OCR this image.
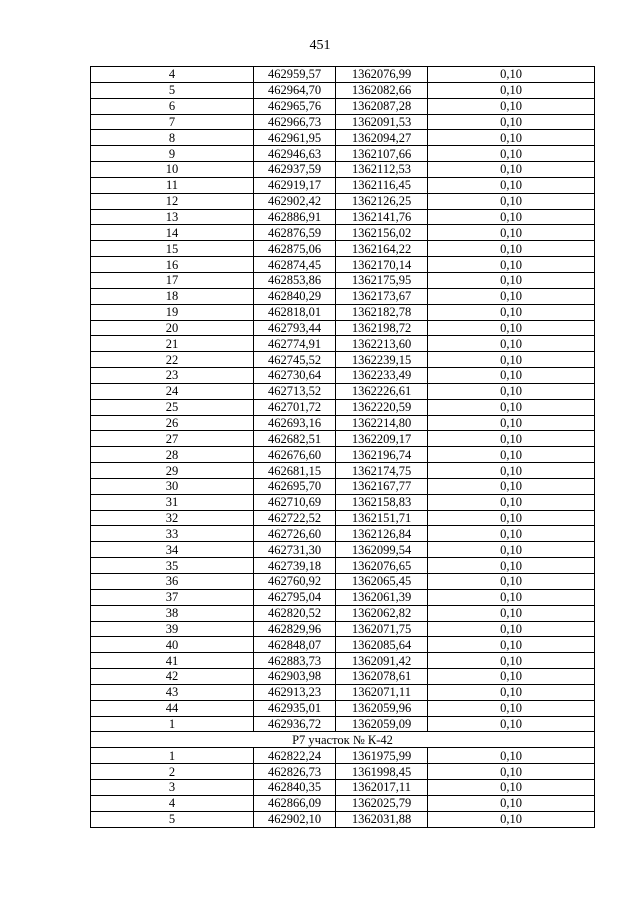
451
4	462959,57	1362076,99	0,10
5	462964,70	1362082,66	0,10
6	462965,76	1362087,28	0,10
7	462966,73	1362091,53	0,10
8	462961,95	1362094,27	0,10
9	462946,63	1362107,66	0,10
10	462937,59	1362112,53	0,10
11	462919,17	1362116,45	0,10
12	462902,42	1362126,25	0,10
13	462886,91	1362141,76	0,10
14	462876,59	1362156,02	0,10
15	462875,06	1362164,22	0,10
16	462874,45	1362170,14	0,10
17	462853,86	1362175,95	0,10
18	462840,29	1362173,67	0,10
19	462818,01	1362182,78	0,10
20	462793,44	1362198,72	0,10
21	462774,91	1362213,60	0,10
22	462745,52	1362239,15	0,10
23	462730,64	1362233,49	0,10
24	462713,52	1362226,61	0,10
25	462701,72	1362220,59	0,10
26	462693,16	1362214,80	0,10
27	462682,51	1362209,17	0,10
28	462676,60	1362196,74	0,10
29	462681,15	1362174,75	0,10
30	462695,70	1362167,77	0,10
31	462710,69	1362158,83	0,10
32	462722,52	1362151,71	0,10
33	462726,60	1362126,84	0,10
34	462731,30	1362099,54	0,10
35	462739,18	1362076,65	0,10
36	462760,92	1362065,45	0,10
37	462795,04	1362061,39	0,10
38	462820,52	1362062,82	0,10
39	462829,96	1362071,75	0,10
40	462848,07	1362085,64	0,10
41	462883,73	1362091,42	0,10
42	462903,98	1362078,61	0,10
43	462913,23	1362071,11	0,10
44	462935,01	1362059,96	0,10
1	462936,72	1362059,09	0,10
Р7 участок № К-42			
1	462822,24	1361975,99	0,10
2	462826,73	1361998,45	0,10
3	462840,35	1362017,11	0,10
4	462866,09	1362025,79	0,10
5	462902,10	1362031,88	0,10
